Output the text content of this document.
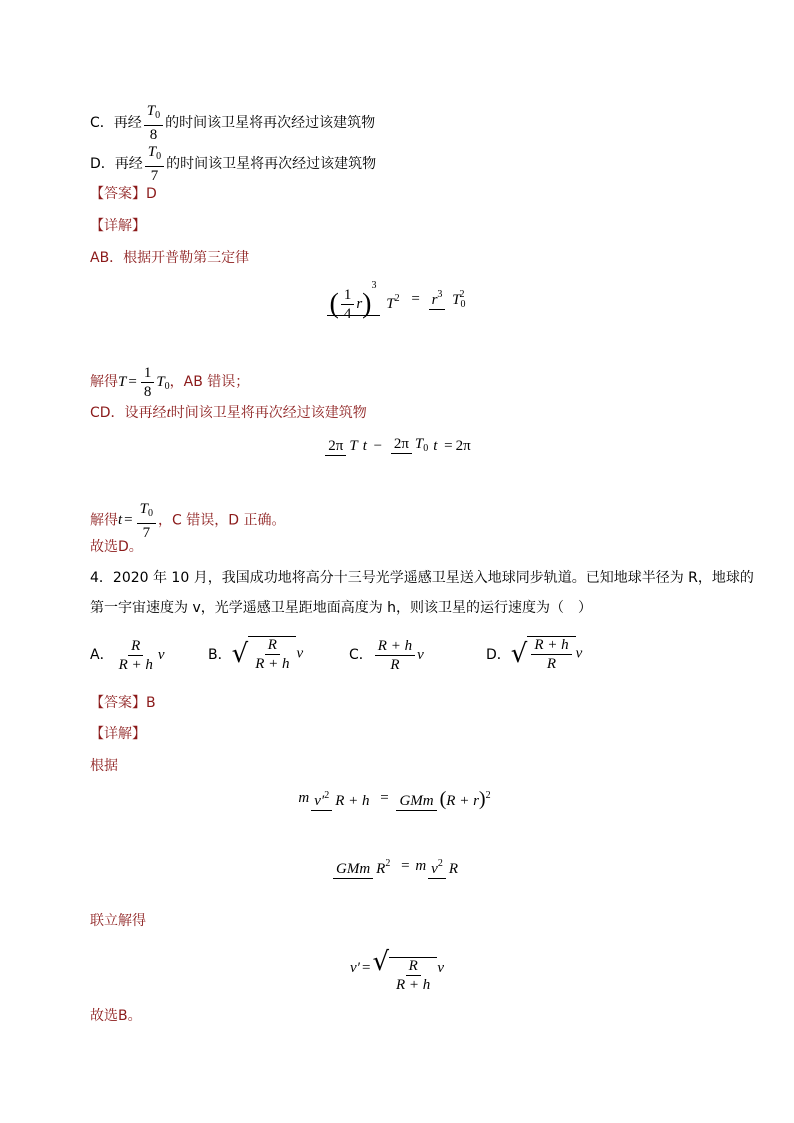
C．再经 $\frac{T_0}{8}$ 的时间该卫星将再次经过该建筑物
D．再经 $\frac{T_0}{7}$ 的时间该卫星将再次经过该建筑物
【答案】D
【详解】
AB．根据开普勒第三定律
( $\frac{1}{4} r)^3$ $T^2 = r^3$ $T_0^2$
解得$T = \frac{1}{8} T_0$，AB 错误；
CD．设再经t时间该卫星将再次经过该建筑物
2π T t − 2π $T_0$ t = 2π
解得$t = \frac{T_0}{7}$ ，C 错误，D 正确。
故选D。
4．2020 年 10 月，我国成功地将高分十三号光学遥感卫星送入地球同步轨道。已知地球半径为 R，地球的
第一宇宙速度为 v，光学遥感卫星距地面高度为 h，则该卫星的运行速度为（　）
A． $\frac{R}{R + h}$ v	B． √ $\frac{R}{R + h}$ v	C． $\frac{R + h}{R}$ v	D． √ $\frac{R + h}{R}$ v
【答案】B
【详解】
根据
m $v'^2$ R + h = GMm $(R + r)^2$
GMm $R^2 = m$ $v^2$ R
联立解得
v′ =√ $\frac{R}{R + h}$ v
故选B。
